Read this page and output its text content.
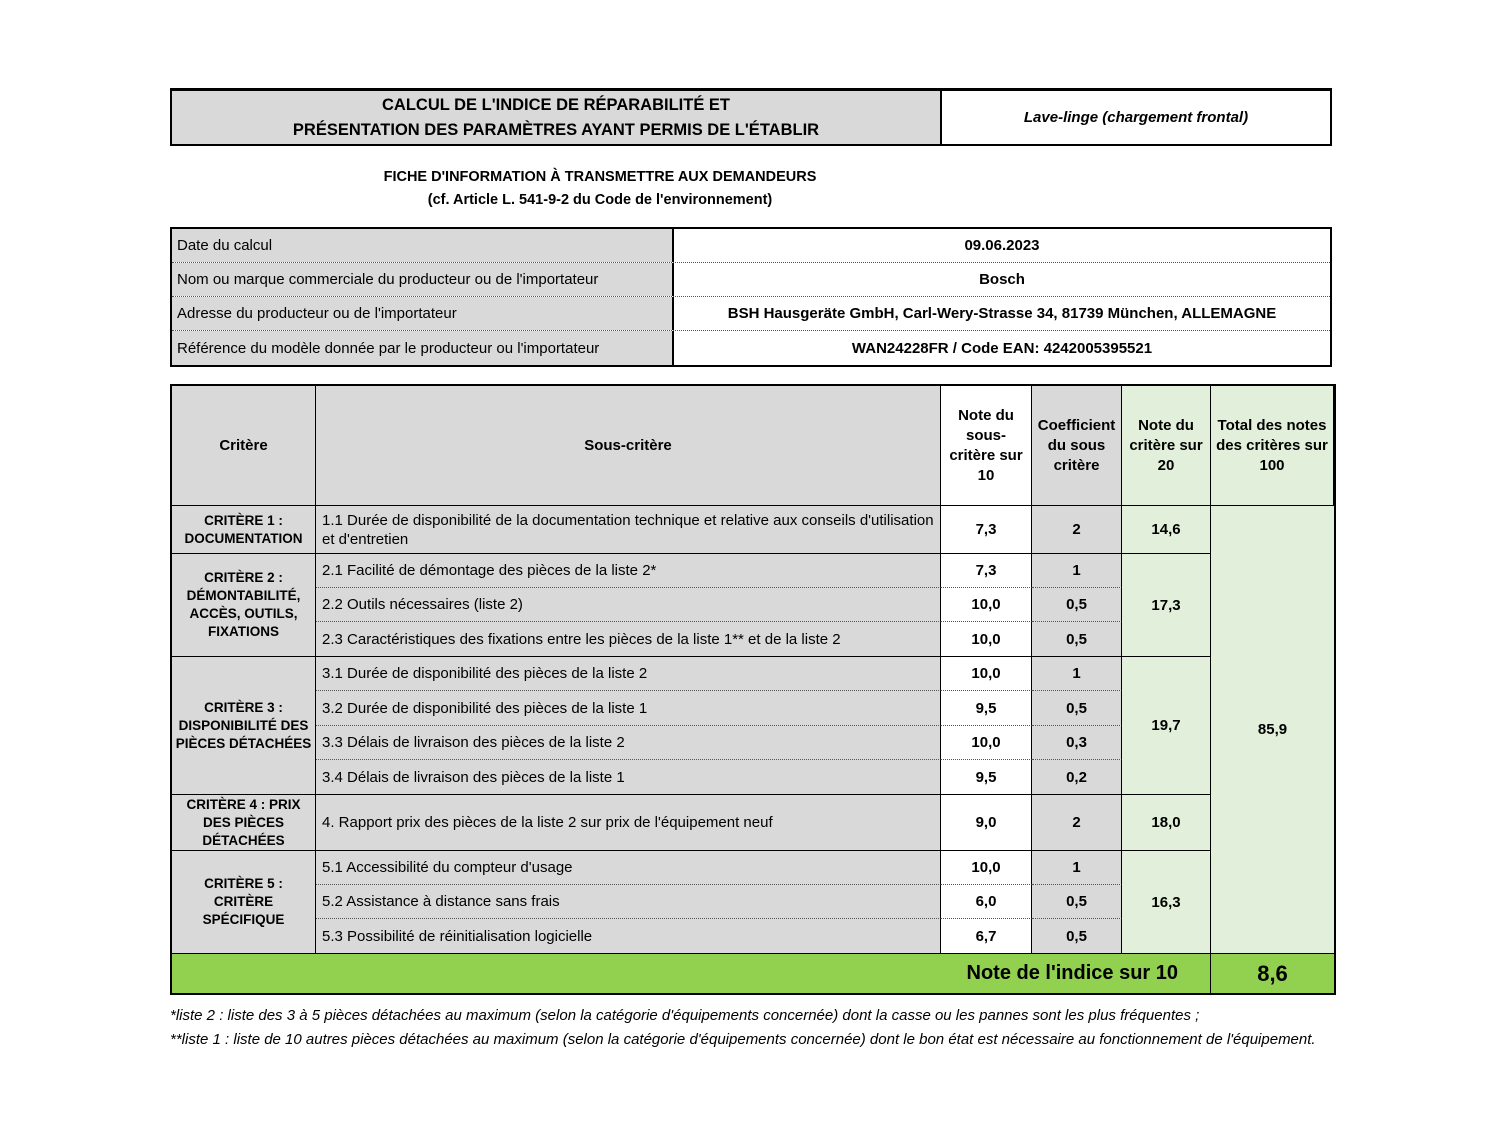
CALCUL DE L'INDICE DE RÉPARABILITÉ ET
PRÉSENTATION DES PARAMÈTRES AYANT PERMIS DE L'ÉTABLIR
Lave-linge (chargement frontal)
FICHE D'INFORMATION À TRANSMETTRE AUX DEMANDEURS
(cf. Article L. 541-9-2 du Code de l'environnement)
Date du calcul	09.06.2023
Nom ou marque commerciale du producteur ou de l'importateur	Bosch
Adresse du producteur ou de l'importateur	BSH Hausgeräte GmbH, Carl-Wery-Strasse 34, 81739 München, ALLEMAGNE
Référence du modèle donnée par le producteur ou l'importateur	WAN24228FR / Code EAN: 4242005395521
Critère	Sous-critère	Note du sous-critère sur 10	Coefficient du sous critère	Note du critère sur 20	Total des notes des critères sur 100
CRITÈRE 1 : DOCUMENTATION	1.1 Durée de disponibilité de la documentation technique et relative aux conseils d'utilisation et d'entretien	7,3	2	14,6	85,9
CRITÈRE 2 : DÉMONTABILITÉ, ACCÈS, OUTILS, FIXATIONS	2.1 Facilité de démontage des pièces de la liste 2*	7,3	1	17,3	
	2.2 Outils nécessaires (liste 2)	10,0	0,5		
	2.3 Caractéristiques des fixations entre les pièces de la liste 1** et de la liste 2	10,0	0,5		
CRITÈRE 3 : DISPONIBILITÉ DES PIÈCES DÉTACHÉES	3.1 Durée de disponibilité des pièces de la liste 2	10,0	1	19,7	
	3.2 Durée de disponibilité des pièces de la liste 1	9,5	0,5		
	3.3 Délais de livraison des pièces de la liste 2	10,0	0,3		
	3.4 Délais de livraison des pièces de la liste 1	9,5	0,2		
CRITÈRE 4 : PRIX DES PIÈCES DÉTACHÉES	4. Rapport prix des pièces de la liste 2 sur prix de l'équipement neuf	9,0	2	18,0	
CRITÈRE 5 : CRITÈRE SPÉCIFIQUE	5.1 Accessibilité du compteur d'usage	10,0	1	16,3	
	5.2 Assistance à distance sans frais	6,0	0,5		
	5.3 Possibilité de réinitialisation logicielle	6,7	0,5		
Note de l'indice sur 10					8,6
*liste 2 : liste des 3 à 5 pièces détachées au maximum (selon la catégorie d'équipements concernée) dont la casse ou les pannes sont les plus fréquentes ;
**liste 1 : liste de 10 autres pièces détachées au maximum (selon la catégorie d'équipements concernée) dont le bon état est nécessaire au fonctionnement de l'équipement.
